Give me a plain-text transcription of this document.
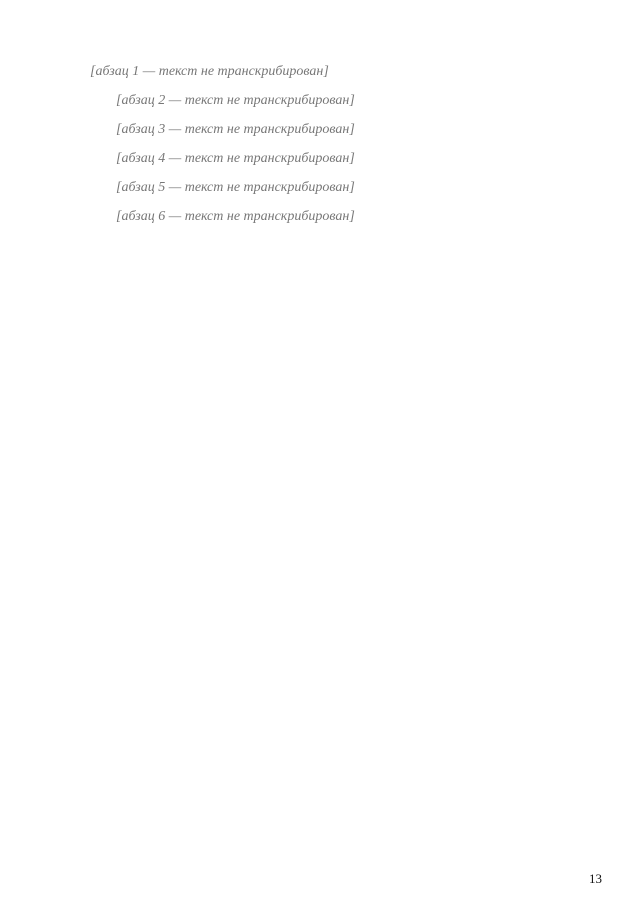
[абзац 1 — текст не транскрибирован]

[абзац 2 — текст не транскрибирован]

[абзац 3 — текст не транскрибирован]

[абзац 4 — текст не транскрибирован]

[абзац 5 — текст не транскрибирован]

[абзац 6 — текст не транскрибирован]

13
